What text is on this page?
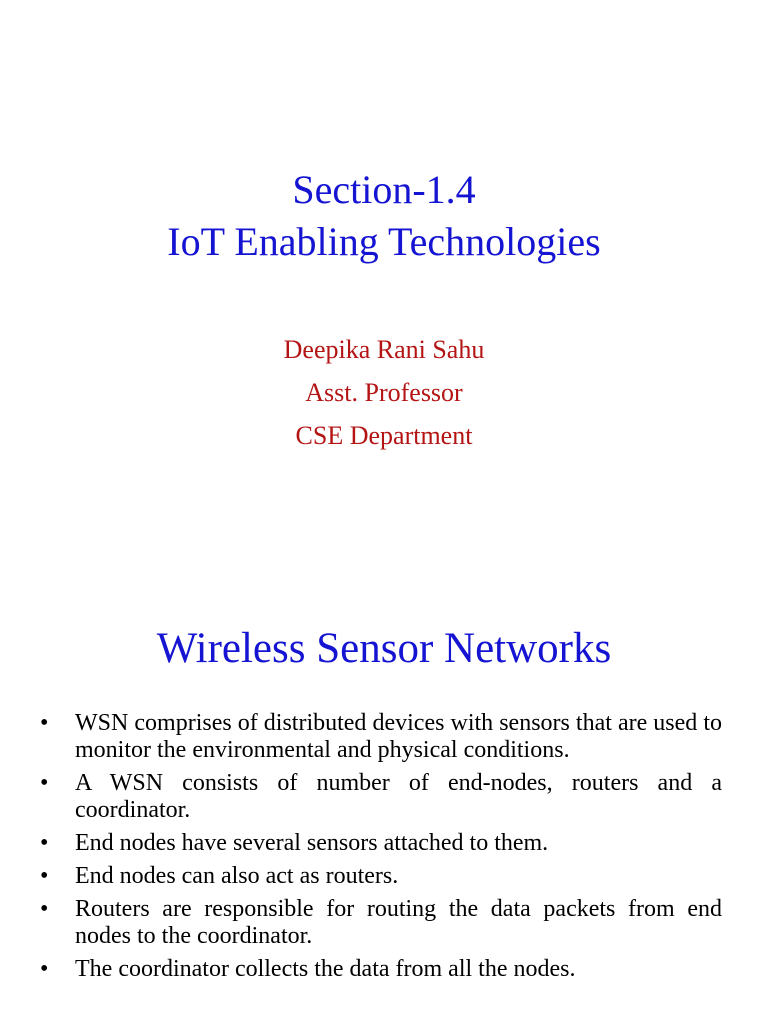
Section-1.4
IoT Enabling Technologies
Deepika Rani Sahu
Asst. Professor
CSE Department
Wireless Sensor Networks
• WSN comprises of distributed devices with sensors that are used to monitor the environmental and physical conditions.
• A WSN consists of number of end-nodes, routers and a coordinator.
• End nodes have several sensors attached to them.
• End nodes can also act as routers.
• Routers are responsible for routing the data packets from end nodes to the coordinator.
• The coordinator collects the data from all the nodes.
